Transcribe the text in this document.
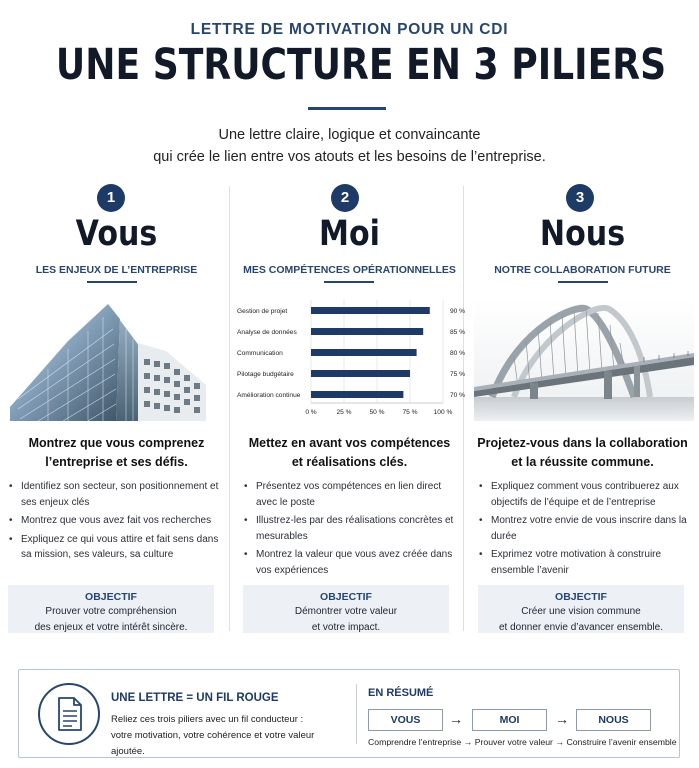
LETTRE DE MOTIVATION POUR UN CDI
UNE STRUCTURE EN 3 PILIERS
Une lettre claire, logique et convaincante
qui crée le lien entre vos atouts et les besoins de l’entreprise.
1
Vous
LES ENJEUX DE L’ENTREPRISE
Montrez que vous comprenez
l’entreprise et ses défis.
• Identifiez son secteur, son positionnement et ses enjeux clés
• Montrez que vous avez fait vos recherches
• Expliquez ce qui vous attire et fait sens dans sa mission, ses valeurs, sa culture
OBJECTIF
Prouver votre compréhension
des enjeux et votre intérêt sincère.
2
Moi
MES COMPÉTENCES OPÉRATIONNELLES
Gestion de projet	90 %
Analyse de données	85 %
Communication	80 %
Pilotage budgétaire	75 %
Amélioration continue	70 %
0 %	25 %	50 %	75 % 100 %
Mettez en avant vos compétences
et réalisations clés.
• Présentez vos compétences en lien direct avec le poste
• Illustrez-les par des réalisations concrètes et mesurables
• Montrez la valeur que vous avez créée dans vos expériences
OBJECTIF
Démontrer votre valeur
et votre impact.
3
Nous
NOTRE COLLABORATION FUTURE
Projetez-vous dans la collaboration
et la réussite commune.
• Expliquez comment vous contribuerez aux objectifs de l’équipe et de l’entreprise
• Montrez votre envie de vous inscrire dans la durée
• Exprimez votre motivation à construire ensemble l’avenir
OBJECTIF
Créer une vision commune
et donner envie d’avancer ensemble.
UNE LETTRE = UN FIL ROUGE
Reliez ces trois piliers avec un fil conducteur :
votre motivation, votre cohérence et votre valeur ajoutée.
EN RÉSUMÉ
VOUS	→	MOI	→	NOUS
Comprendre l’entreprise → Prouver votre valeur → Construire l’avenir ensemble
